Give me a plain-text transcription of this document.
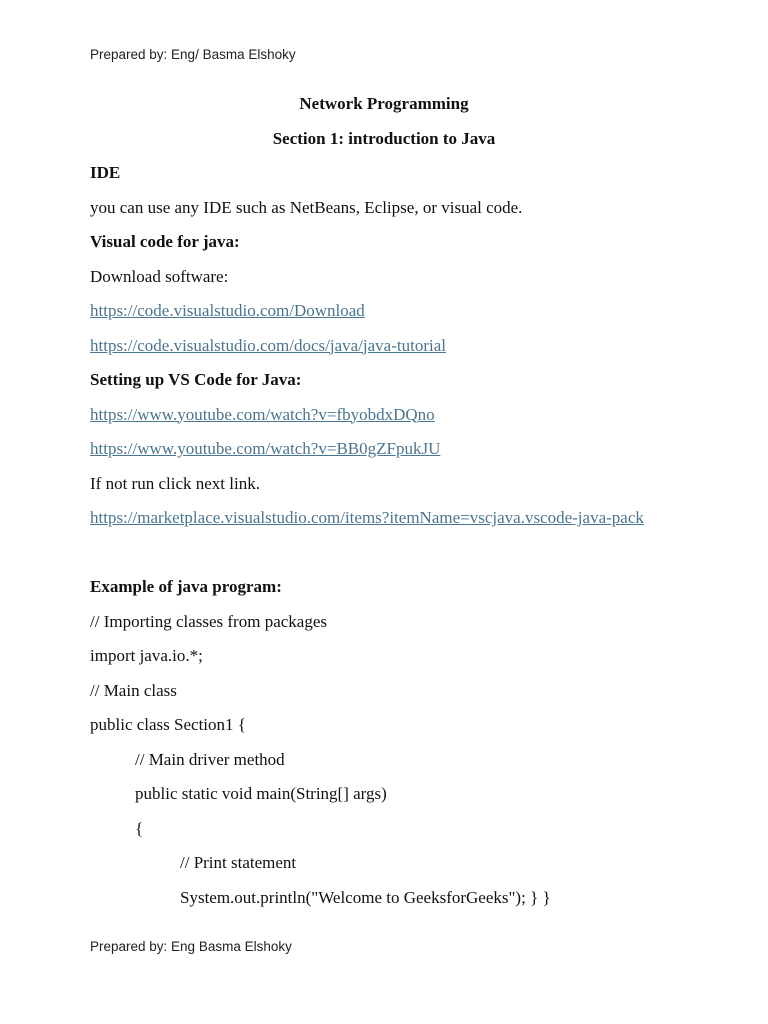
Prepared by: Eng/ Basma Elshoky
Network Programming
Section 1: introduction to Java
IDE
you can use any IDE such as NetBeans, Eclipse, or visual code.
Visual code for java:
Download software:
https://code.visualstudio.com/Download
https://code.visualstudio.com/docs/java/java-tutorial
Setting up VS Code for Java:
https://www.youtube.com/watch?v=fbyobdxDQno
https://www.youtube.com/watch?v=BB0gZFpukJU
If not run click next link.
https://marketplace.visualstudio.com/items?itemName=vscjava.vscode-java-pack
Example of java program:
// Importing classes from packages
import java.io.*;
// Main class
public class Section1 {
// Main driver method
public static void main(String[] args)
{
// Print statement
System.out.println("Welcome to GeeksforGeeks"); } }
Prepared by: Eng Basma Elshoky
